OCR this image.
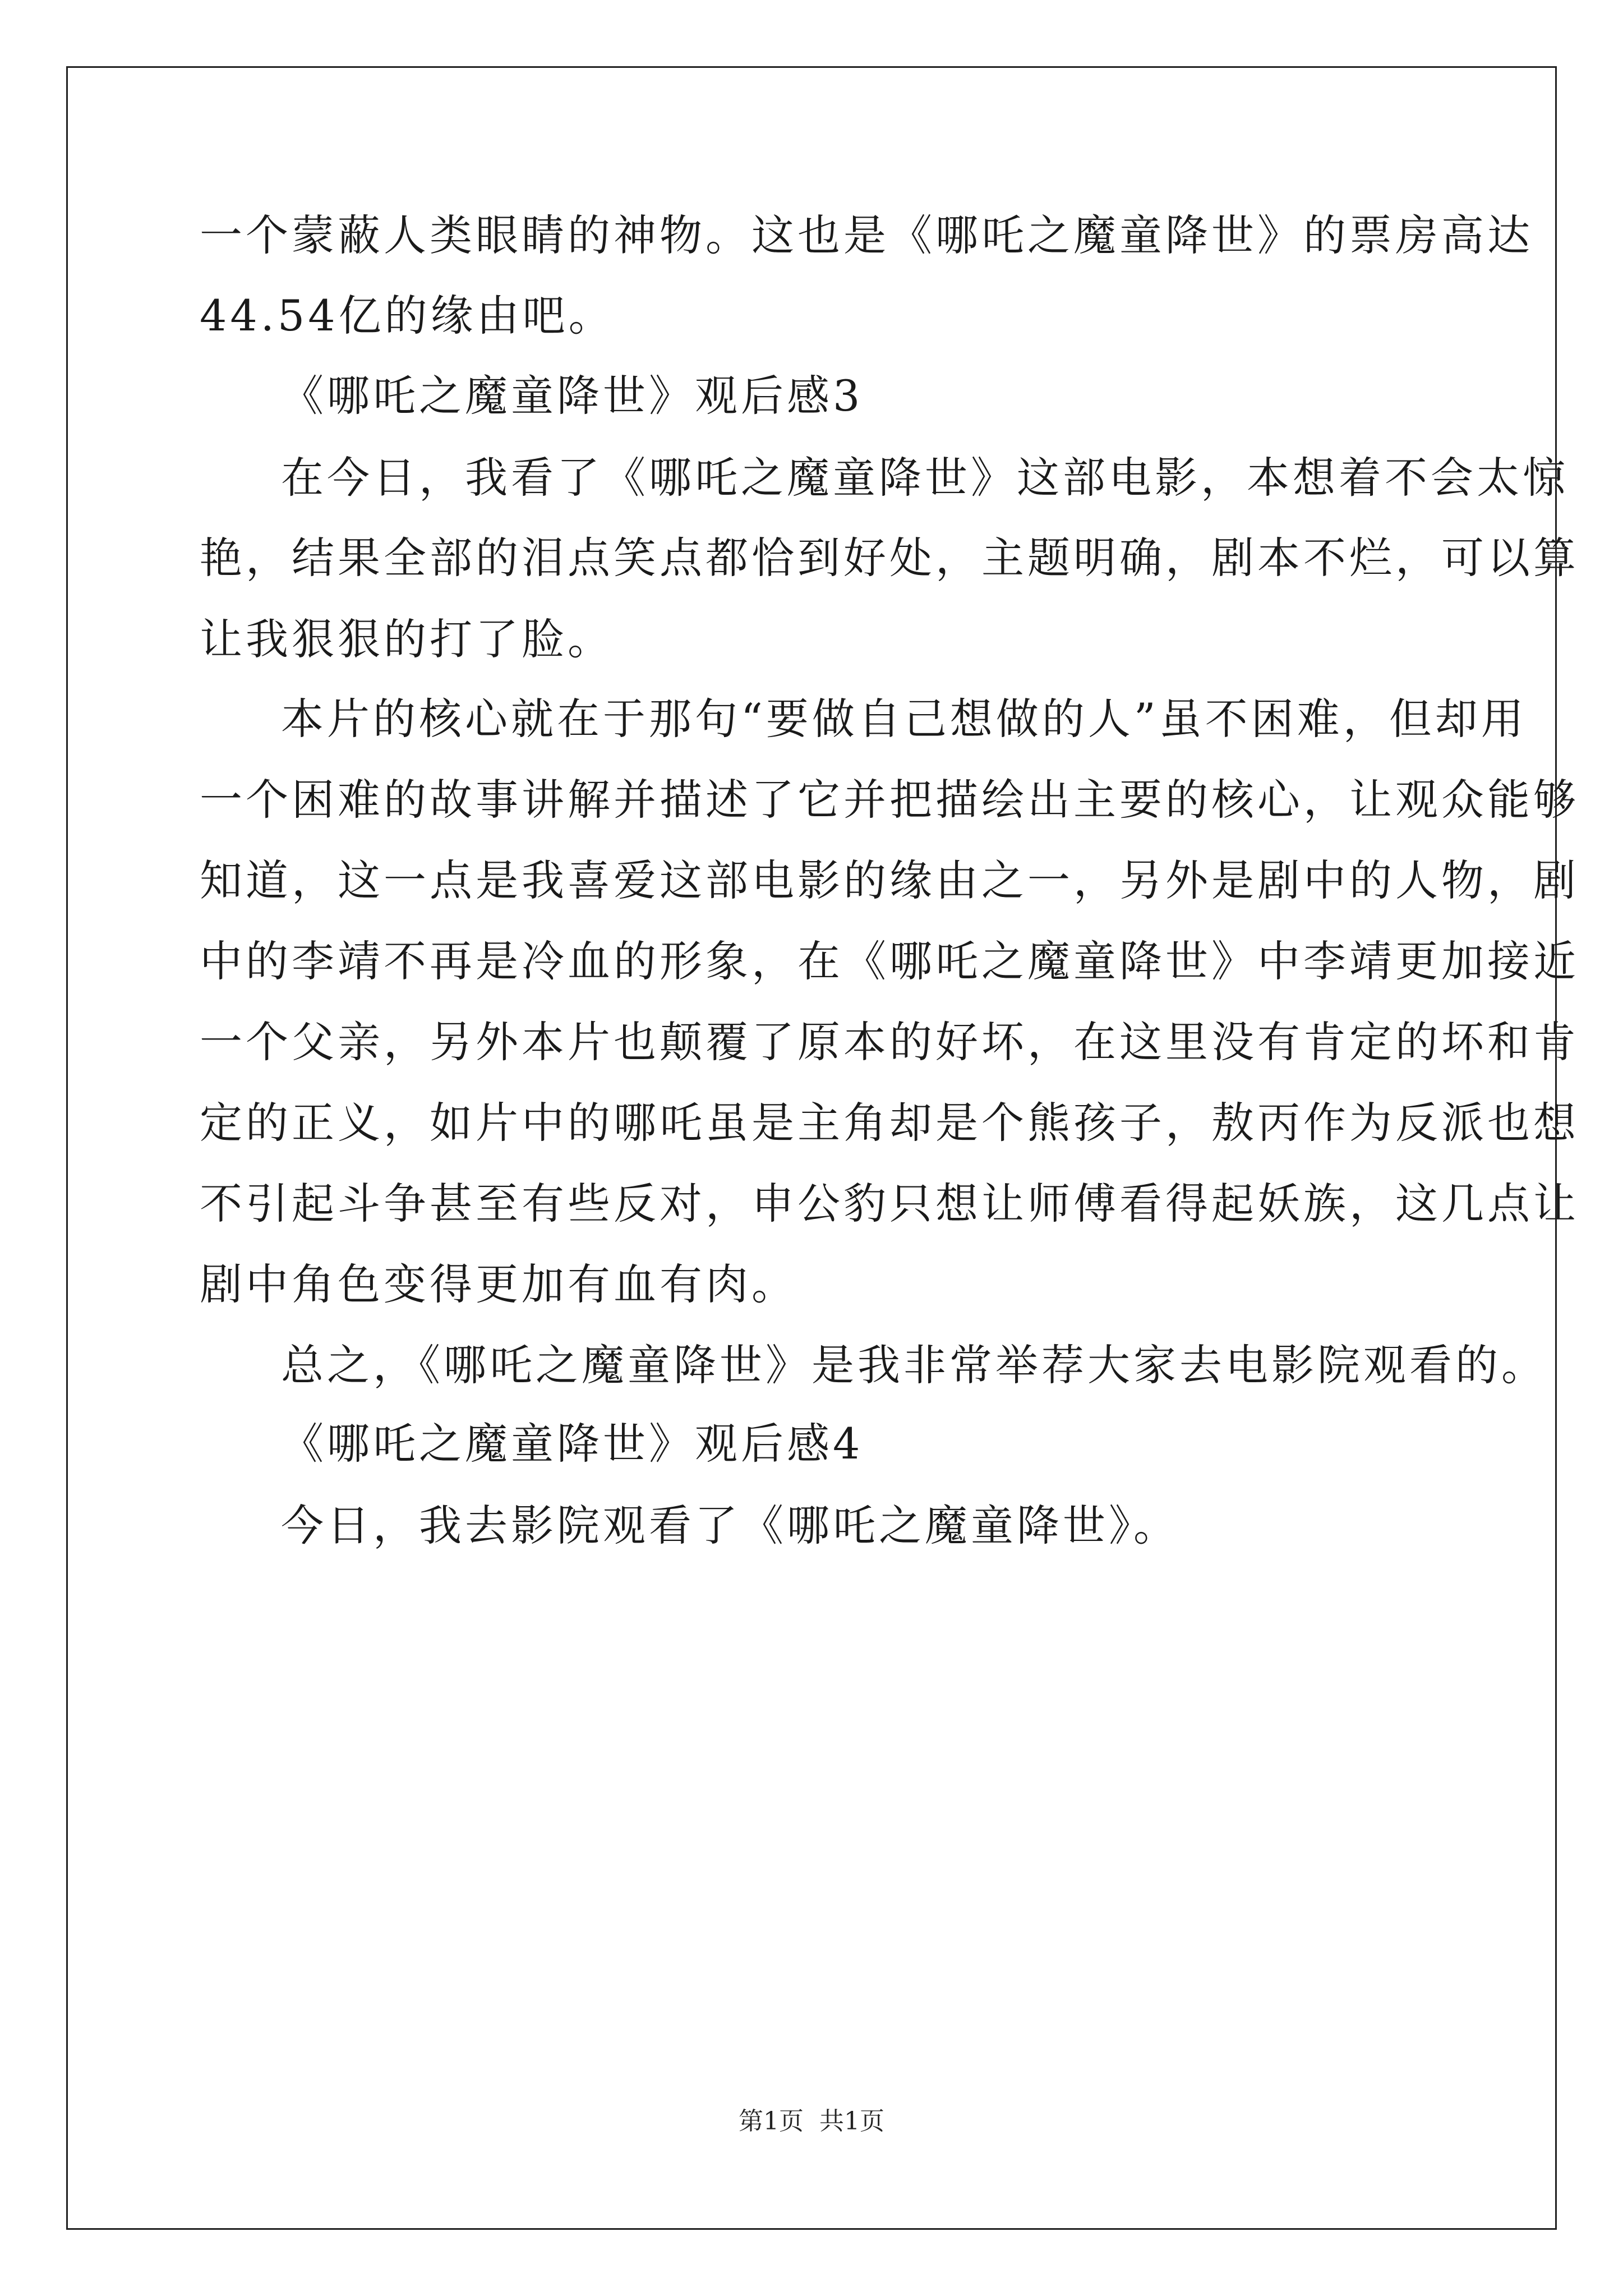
一个蒙蔽人类眼睛的神物。这也是《哪吒之魔童降世》的票房高达
44.54亿的缘由吧。
《哪吒之魔童降世》观后感3
在今日，我看了《哪吒之魔童降世》这部电影，本想着不会太惊
艳，结果全部的泪点笑点都恰到好处，主题明确，剧本不烂，可以算
让我狠狠的打了脸。
本片的核心就在于那句“要做自己想做的人”虽不困难，但却用
一个困难的故事讲解并描述了它并把描绘出主要的核心，让观众能够
知道，这一点是我喜爱这部电影的缘由之一，另外是剧中的人物，剧
中的李靖不再是冷血的形象，在《哪吒之魔童降世》中李靖更加接近
一个父亲，另外本片也颠覆了原本的好坏，在这里没有肯定的坏和肯
定的正义，如片中的哪吒虽是主角却是个熊孩子，敖丙作为反派也想
不引起斗争甚至有些反对，申公豹只想让师傅看得起妖族，这几点让
剧中角色变得更加有血有肉。
总之，《哪吒之魔童降世》是我非常举荐大家去电影院观看的。
《哪吒之魔童降世》观后感4
今日，我去影院观看了《哪吒之魔童降世》。
第1页 共1页
